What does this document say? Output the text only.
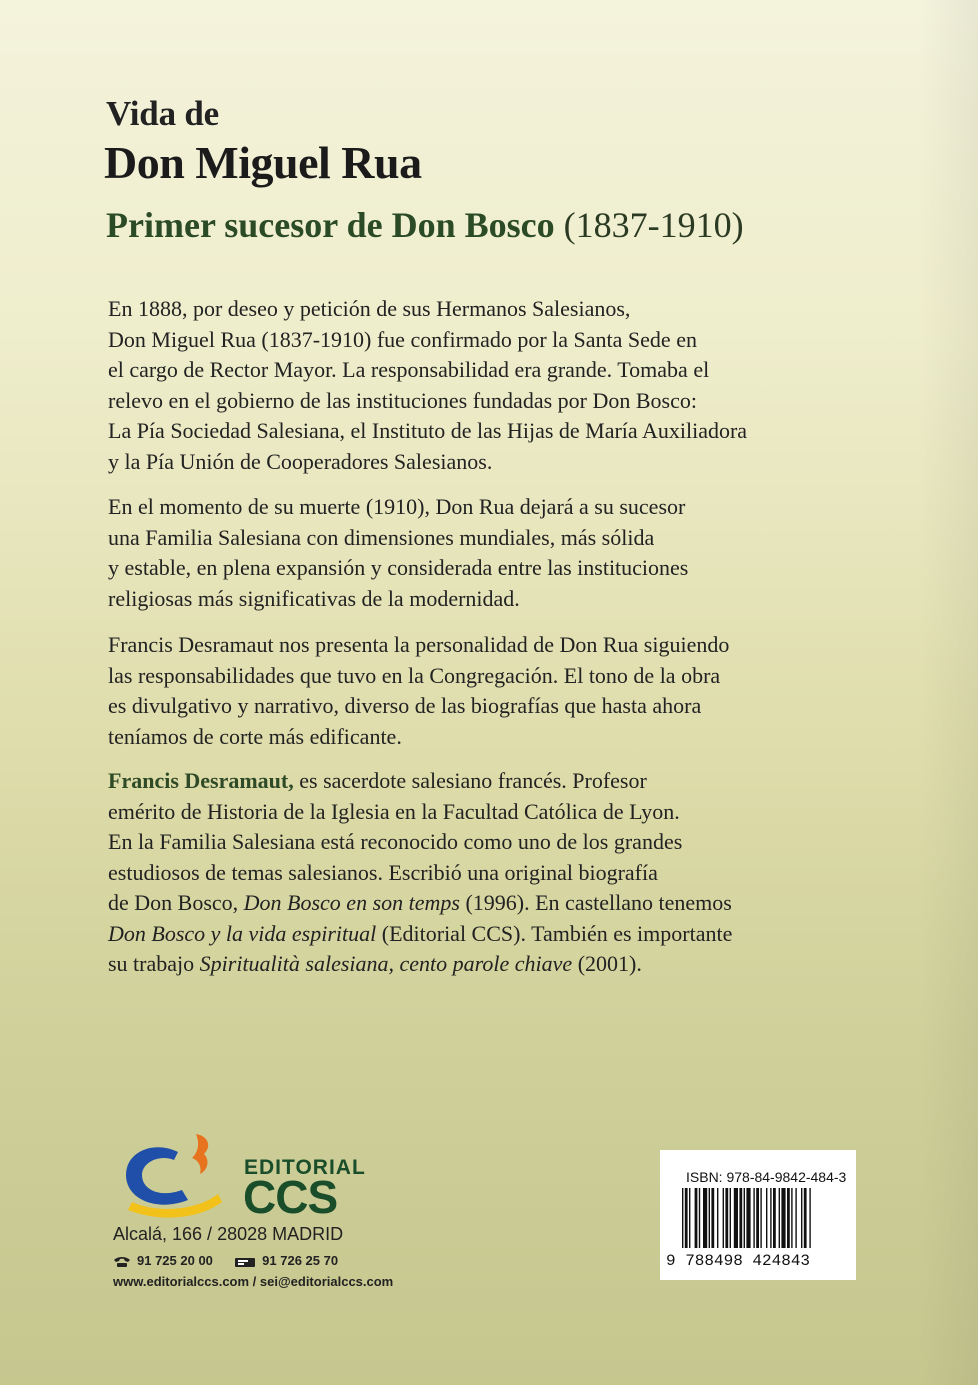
Vida de
Don Miguel Rua
Primer sucesor de Don Bosco (1837-1910)
En 1888, por deseo y petición de sus Hermanos Salesianos,
Don Miguel Rua (1837-1910) fue confirmado por la Santa Sede en
el cargo de Rector Mayor. La responsabilidad era grande. Tomaba el
relevo en el gobierno de las instituciones fundadas por Don Bosco:
La Pía Sociedad Salesiana, el Instituto de las Hijas de María Auxiliadora
y la Pía Unión de Cooperadores Salesianos.
En el momento de su muerte (1910), Don Rua dejará a su sucesor
una Familia Salesiana con dimensiones mundiales, más sólida
y estable, en plena expansión y considerada entre las instituciones
religiosas más significativas de la modernidad.
Francis Desramaut nos presenta la personalidad de Don Rua siguiendo
las responsabilidades que tuvo en la Congregación. El tono de la obra
es divulgativo y narrativo, diverso de las biografías que hasta ahora
teníamos de corte más edificante.
Francis Desramaut, es sacerdote salesiano francés. Profesor
emérito de Historia de la Iglesia en la Facultad Católica de Lyon.
En la Familia Salesiana está reconocido como uno de los grandes
estudiosos de temas salesianos. Escribió una original biografía
de Don Bosco, Don Bosco en son temps (1996). En castellano tenemos
Don Bosco y la vida espiritual (Editorial CCS). También es importante
su trabajo Spiritualità salesiana, cento parole chiave (2001).
EDITORIAL
CCS
Alcalá, 166 / 28028 MADRID
91 725 20 00	91 726 25 70
www.editorialccs.com / sei@editorialccs.com
ISBN: 978-84-9842-484-3
9 788498 424843
